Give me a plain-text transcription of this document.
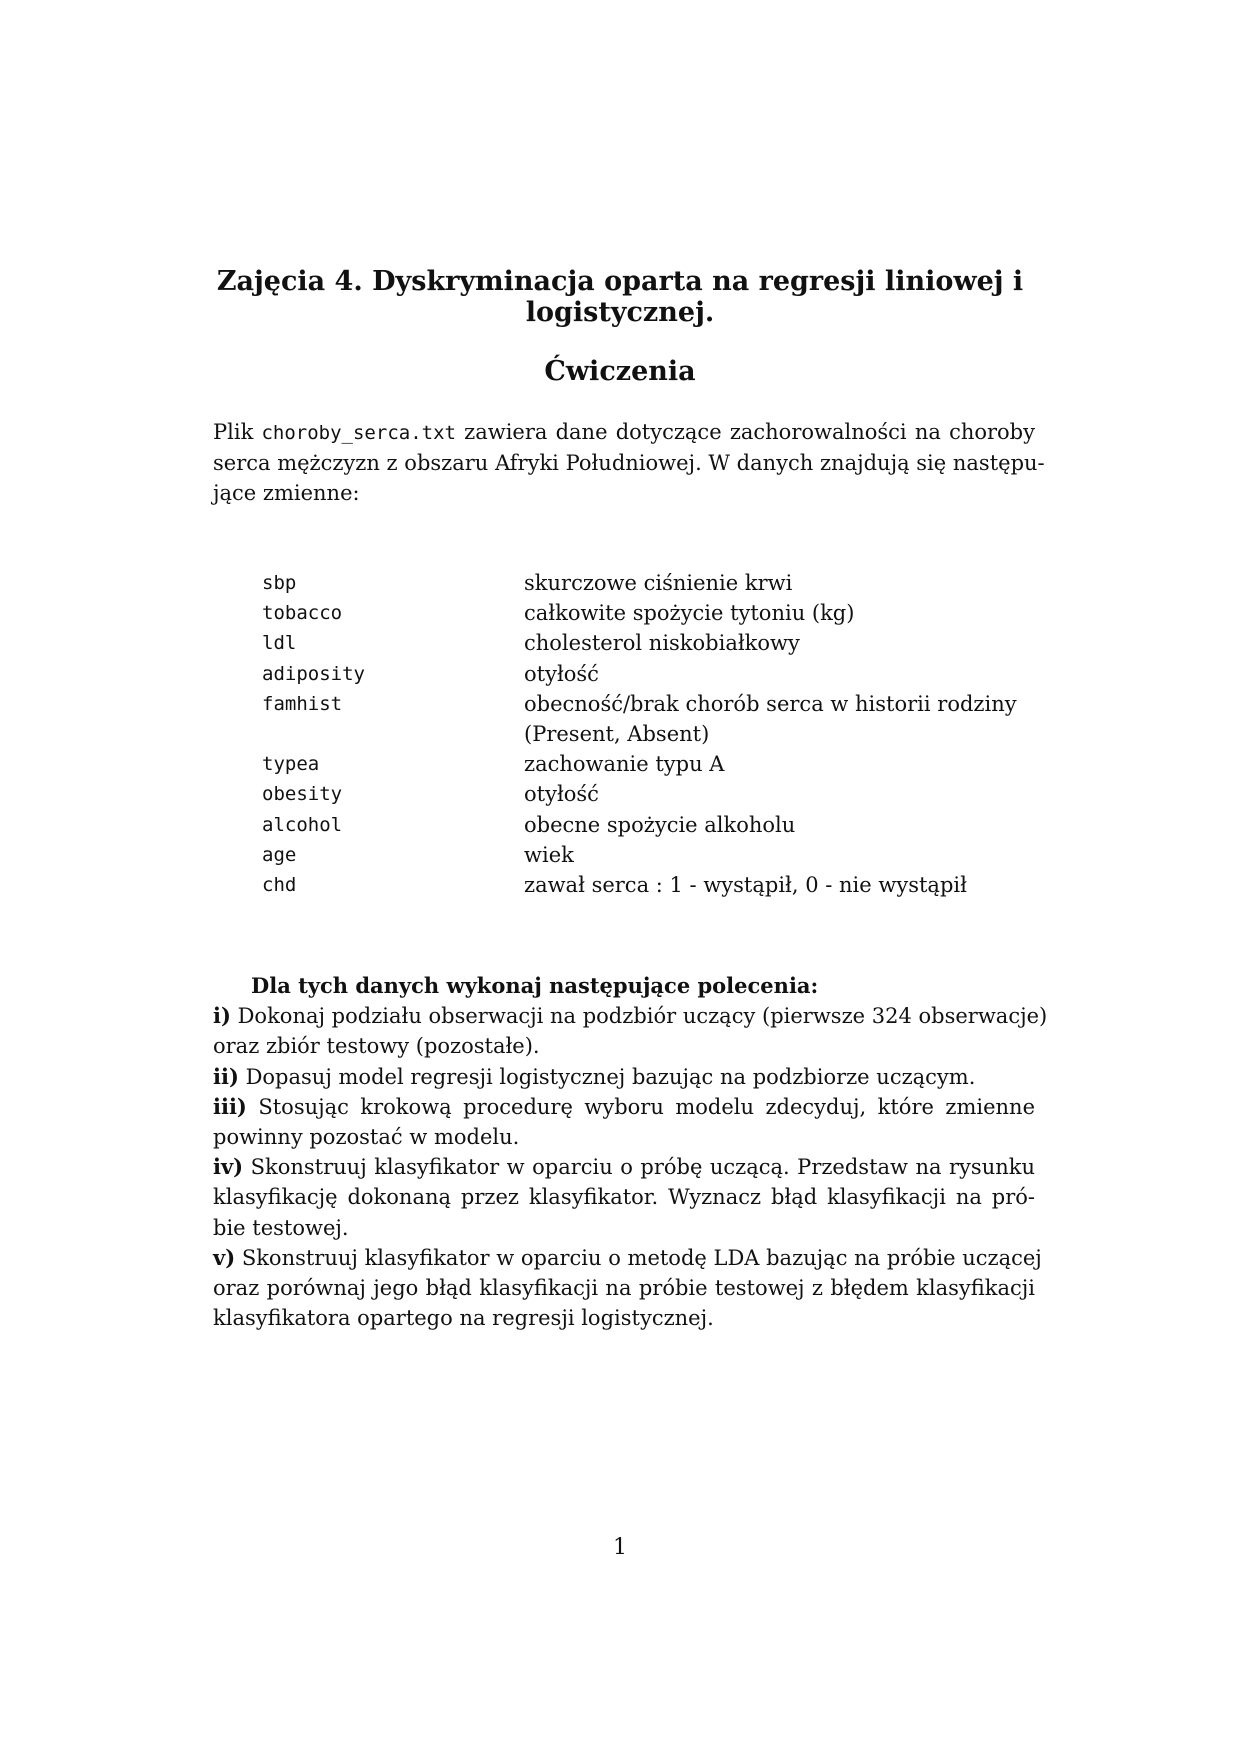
Zajęcia 4. Dyskryminacja oparta na regresji liniowej i
logistycznej.
Ćwiczenia
Plik choroby_serca.txt zawiera dane dotyczące zachorowalności na choroby
serca mężczyzn z obszaru Afryki Południowej. W danych znajdują się następu-
jące zmienne:
sbp	skurczowe ciśnienie krwi
tobacco	całkowite spożycie tytoniu (kg)
ldl	cholesterol niskobiałkowy
adiposity	otyłość
famhist	obecność/brak chorób serca w historii rodziny
(Present, Absent)
typea	zachowanie typu A
obesity	otyłość
alcohol	obecne spożycie alkoholu
age	wiek
chd	zawał serca : 1 - wystąpił, 0 - nie wystąpił
Dla tych danych wykonaj następujące polecenia:
i) Dokonaj podziału obserwacji na podzbiór uczący (pierwsze 324 obserwacje)
oraz zbiór testowy (pozostałe).
ii) Dopasuj model regresji logistycznej bazując na podzbiorze uczącym.
iii) Stosując krokową procedurę wyboru modelu zdecyduj, które zmienne
powinny pozostać w modelu.
iv) Skonstruuj klasyfikator w oparciu o próbę uczącą. Przedstaw na rysunku
klasyfikację dokonaną przez klasyfikator. Wyznacz błąd klasyfikacji na pró-
bie testowej.
v) Skonstruuj klasyfikator w oparciu o metodę LDA bazując na próbie uczącej
oraz porównaj jego błąd klasyfikacji na próbie testowej z błędem klasyfikacji
klasyfikatora opartego na regresji logistycznej.
1
